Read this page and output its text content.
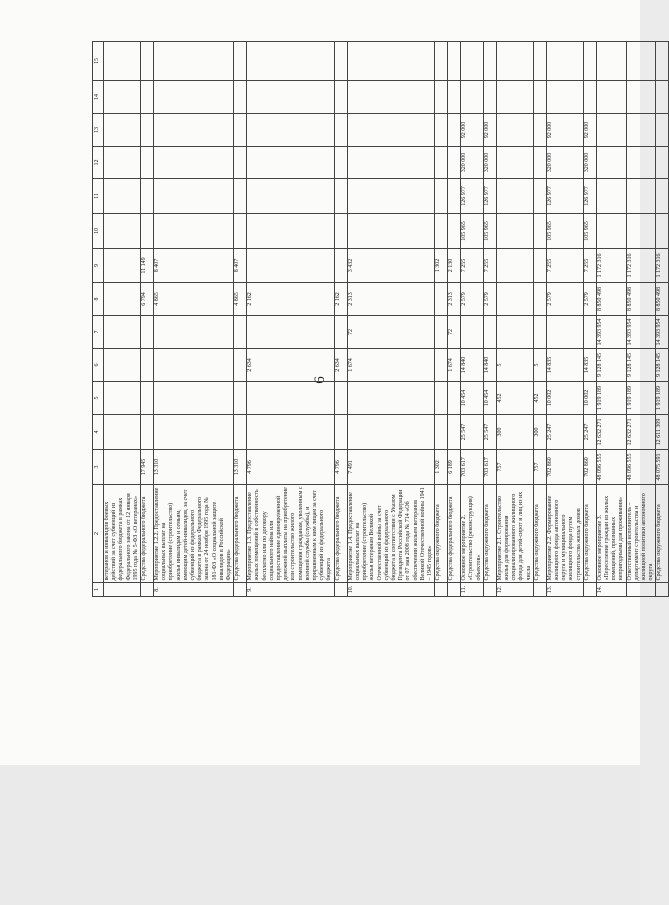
6
1	2	3	4	5	6	7	8	9	10	11	12	13	14	15
	ветеранов и инвалидов боевых действий за счет субвенций из федерального бюджета в рамках Федерального закона от 12 января 1995 года № 5-ФЗ «О ветеранах»													
	Средства федерального бюджета	17 945					6 794	11 149						
8.	Мероприятие 1.2.2. Предоставление социальных выплат на приобретение (строительство) жилья инвалидам и семьям, имеющим детей-инвалидов, за счет субвенций из федерального бюджета в рамках Федерального закона от 24 ноября 1995 года № 181-ФЗ «О социальной защите инвалидов в Российской Федерации»	13 310					4 865	8 407						
	Средства федерального бюджета	13 310					4 865	8 407						
9.	Мероприятие 1.3. Предоставление жилых помещений в собственность бесплатно или по договору социального найма или предоставление единовременной денежной выплаты на приобретение или строительство жилого помещения гражданам, уволенным с военной службы (службы), и приравненным к ним лицам за счет субвенций из федерального бюджета	4 796			2 634		2 162							
	Средства федерального бюджета	4 796			2 634		2 162							
10.	Мероприятие 1.4. Предоставление социальных выплат на приобретение (строительство) жилья ветеранам Великой Отечественной войны за счет субвенций из федерального бюджета в соответствии с Указом Президента Российской Федерации от 07 мая 2008 года № 714 «Об обеспечении жильем ветеранов Великой Отечественной войны 1941 – 1945 годов»	7 491			1 674	72	2 313	3 432						
	Средства окружного бюджета	1 302						1 302						
	Средства федерального бюджета	6 189			1 674	72	2 313	2 130						
11.	Основное мероприятие 2. «Строительство (реконструкция) объектов»	703 617	25 547	10 454	14 840		2 579	7 255	105 965	126 977	320 000	92 000		
	Средства окружного бюджета	703 617	25 547	10 454	14 840		2 579	7 255	105 965	126 977	320 000	92 000		
12.	Мероприятие 2.1. Строительство жилья для формирования специализированного жилищного фонда для детей-сирот и лиц из их числа	757	300	452	5									
	Средства окружного бюджета	757	300	452	5									
13.	Мероприятие 2.2. Формирование жилищного фонда автономного округа и муниципального жилищного фонда путем строительства жилых домов	702 860	25 247	10 002	14 835		2 579	7 255	105 965	126 977	320 000	92 000		
	Средства окружного бюджета	702 860	25 247	10 002	14 835		2 579	7 255	105 965	126 977	320 000	92 000		
14.	Основное мероприятие 3. «Переселение граждан из жилых помещений, признанных непригодными для проживания»	48 096 555	12 632 271	1 919 189	9 128 145	14 393 954	8 850 498	1 172 316						
	Ответственный исполнитель – департамент строительства и жилищной политики автономного округа	48 096 555	12 632 271	1 919 189	9 128 145	14 393 954	8 850 498	1 172 316						
	Средства окружного бюджета	48 075 591	12 611 309	1 919 189	9 128 145	14 393 954	8 850 498	1 172 316						
